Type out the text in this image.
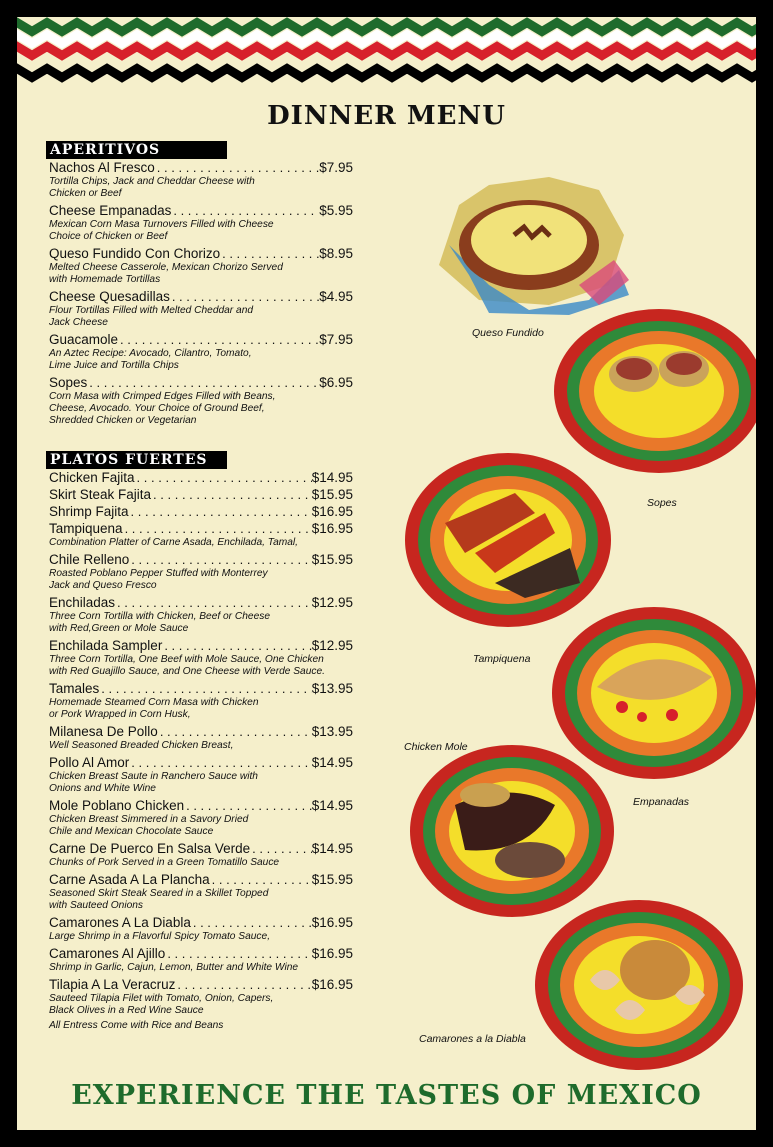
DINNER MENU
APERITIVOS
Nachos Al Fresco . . .	$7.95
Tortilla Chips, Jack and Cheddar Cheese with
Chicken or Beef
Cheese Empanadas . . .	$5.95
Mexican Corn Masa Turnovers Filled with Cheese
Choice of Chicken or Beef
Queso Fundido Con Chorizo . . .	$8.95
Melted Cheese Casserole, Mexican Chorizo Served
with Homemade Tortillas
Cheese Quesadillas . . .	$4.95
Flour Tortillas Filled with Melted Cheddar and
Jack Cheese
Guacamole . . .	$7.95
An Aztec Recipe: Avocado, Cilantro, Tomato,
Lime Juice and Tortilla Chips
Sopes . . .	$6.95
Corn Masa with Crimped Edges Filled with Beans,
Cheese, Avocado. Your Choice of Ground Beef,
Shredded Chicken or Vegetarian
PLATOS FUERTES
Chicken Fajita . . .	$14.95
Skirt Steak Fajita . . .	$15.95
Shrimp Fajita . . .	$16.95
Tampiquena . . .	$16.95
Combination Platter of Carne Asada, Enchilada, Tamal,
Chile Relleno . . .	$15.95
Roasted Poblano Pepper Stuffed with Monterrey
Jack and Queso Fresco
Enchiladas . . .	$12.95
Three Corn Tortilla with Chicken, Beef or Cheese
with Red,Green or Mole Sauce
Enchilada Sampler . . .	$12.95
Three Corn Tortilla, One Beef with Mole Sauce, One Chicken
with Red Guajillo Sauce, and One Cheese with Verde Sauce.
Tamales . . .	$13.95
Homemade Steamed Corn Masa with Chicken
or Pork Wrapped in Corn Husk,
Milanesa De Pollo . . .	$13.95
Well Seasoned Breaded Chicken Breast,
Pollo Al Amor . . .	$14.95
Chicken Breast Saute in Ranchero Sauce with
Onions and White Wine
Mole Poblano Chicken . . .	$14.95
Chicken Breast Simmered in a Savory Dried
Chile and Mexican Chocolate Sauce
Carne De Puerco En Salsa Verde . . .	$14.95
Chunks of Pork Served in a Green Tomatillo Sauce
Carne Asada A La Plancha . . .	$15.95
Seasoned Skirt Steak Seared in a Skillet Topped
with Sauteed Onions
Camarones A La Diabla . . .	$16.95
Large Shrimp in a Flavorful Spicy Tomato Sauce,
Camarones Al Ajillo . . .	$16.95
Shrimp in Garlic, Cajun, Lemon, Butter and White Wine
Tilapia A La Veracruz . . .	$16.95
Sauteed Tilapia Filet with Tomato, Onion, Capers,
Black Olives in a Red Wine Sauce
All Entress Come with Rice and Beans
Queso Fundido
Sopes
Tampiquena
Empanadas
Chicken Mole
Camarones a la Diabla
EXPERIENCE THE TASTES OF MEXICO
